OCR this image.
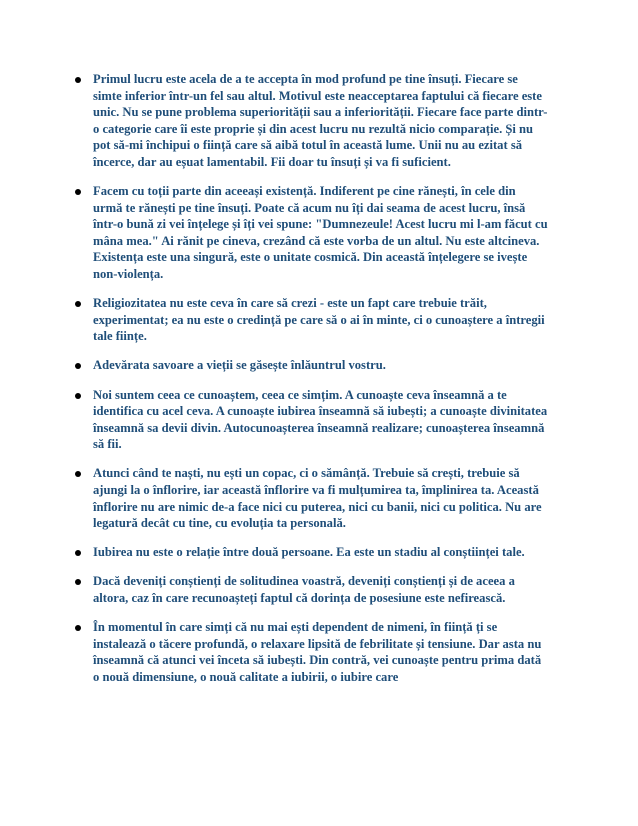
Primul lucru este acela de a te accepta în mod profund pe tine însuți. Fiecare se simte inferior într-un fel sau altul. Motivul este neacceptarea faptului că fiecare este unic. Nu se pune problema superiorității sau a inferiorității. Fiecare face parte dintr-o categorie care îi este proprie și din acest lucru nu rezultă nicio comparație. Și nu pot să-mi închipui o ființă care să aibă totul în această lume. Unii nu au ezitat să încerce, dar au eșuat lamentabil. Fii doar tu însuți și va fi suficient.
Facem cu toții parte din aceeași existență. Indiferent pe cine rănești, în cele din urmă te rănești pe tine însuți. Poate că acum nu îți dai seama de acest lucru, însă într-o bună zi vei înțelege și îți vei spune: "Dumnezeule! Acest lucru mi l-am făcut cu mâna mea." Ai rănit pe cineva, crezând că este vorba de un altul. Nu este altcineva. Existența este una singură, este o unitate cosmică. Din această înțelegere se ivește non-violența.
Religiozitatea nu este ceva în care să crezi - este un fapt care trebuie trăit, experimentat; ea nu este o credință pe care să o ai în minte, ci o cunoaștere a întregii tale ființe.
Adevărata savoare a vieții se găsește înlăuntrul vostru.
Noi suntem ceea ce cunoaștem, ceea ce simțim. A cunoaște ceva înseamnă a te identifica cu acel ceva. A cunoaște iubirea înseamnă să iubești; a cunoaște divinitatea înseamnă sa devii divin. Autocunoașterea înseamnă realizare; cunoașterea înseamnă să fii.
Atunci când te naști, nu ești un copac, ci o sămânță. Trebuie să crești, trebuie să ajungi la o înflorire, iar această înflorire va fi mulțumirea ta, împlinirea ta. Această înflorire nu are nimic de-a face nici cu puterea, nici cu banii, nici cu politica. Nu are legatură decât cu tine, cu evoluția ta personală.
Iubirea nu este o relație între două persoane. Ea este un stadiu al conștiinței tale.
Dacă deveniți conștienți de solitudinea voastră, deveniți conștienți și de aceea a altora, caz în care recunoașteți faptul că dorința de posesiune este nefirească.
În momentul în care simți că nu mai ești dependent de nimeni, în ființă ți se instalează o tăcere profundă, o relaxare lipsită de febrilitate și tensiune. Dar asta nu înseamnă că atunci vei înceta să iubești. Din contră, vei cunoaște pentru prima dată o nouă dimensiune, o nouă calitate a iubirii, o iubire care
